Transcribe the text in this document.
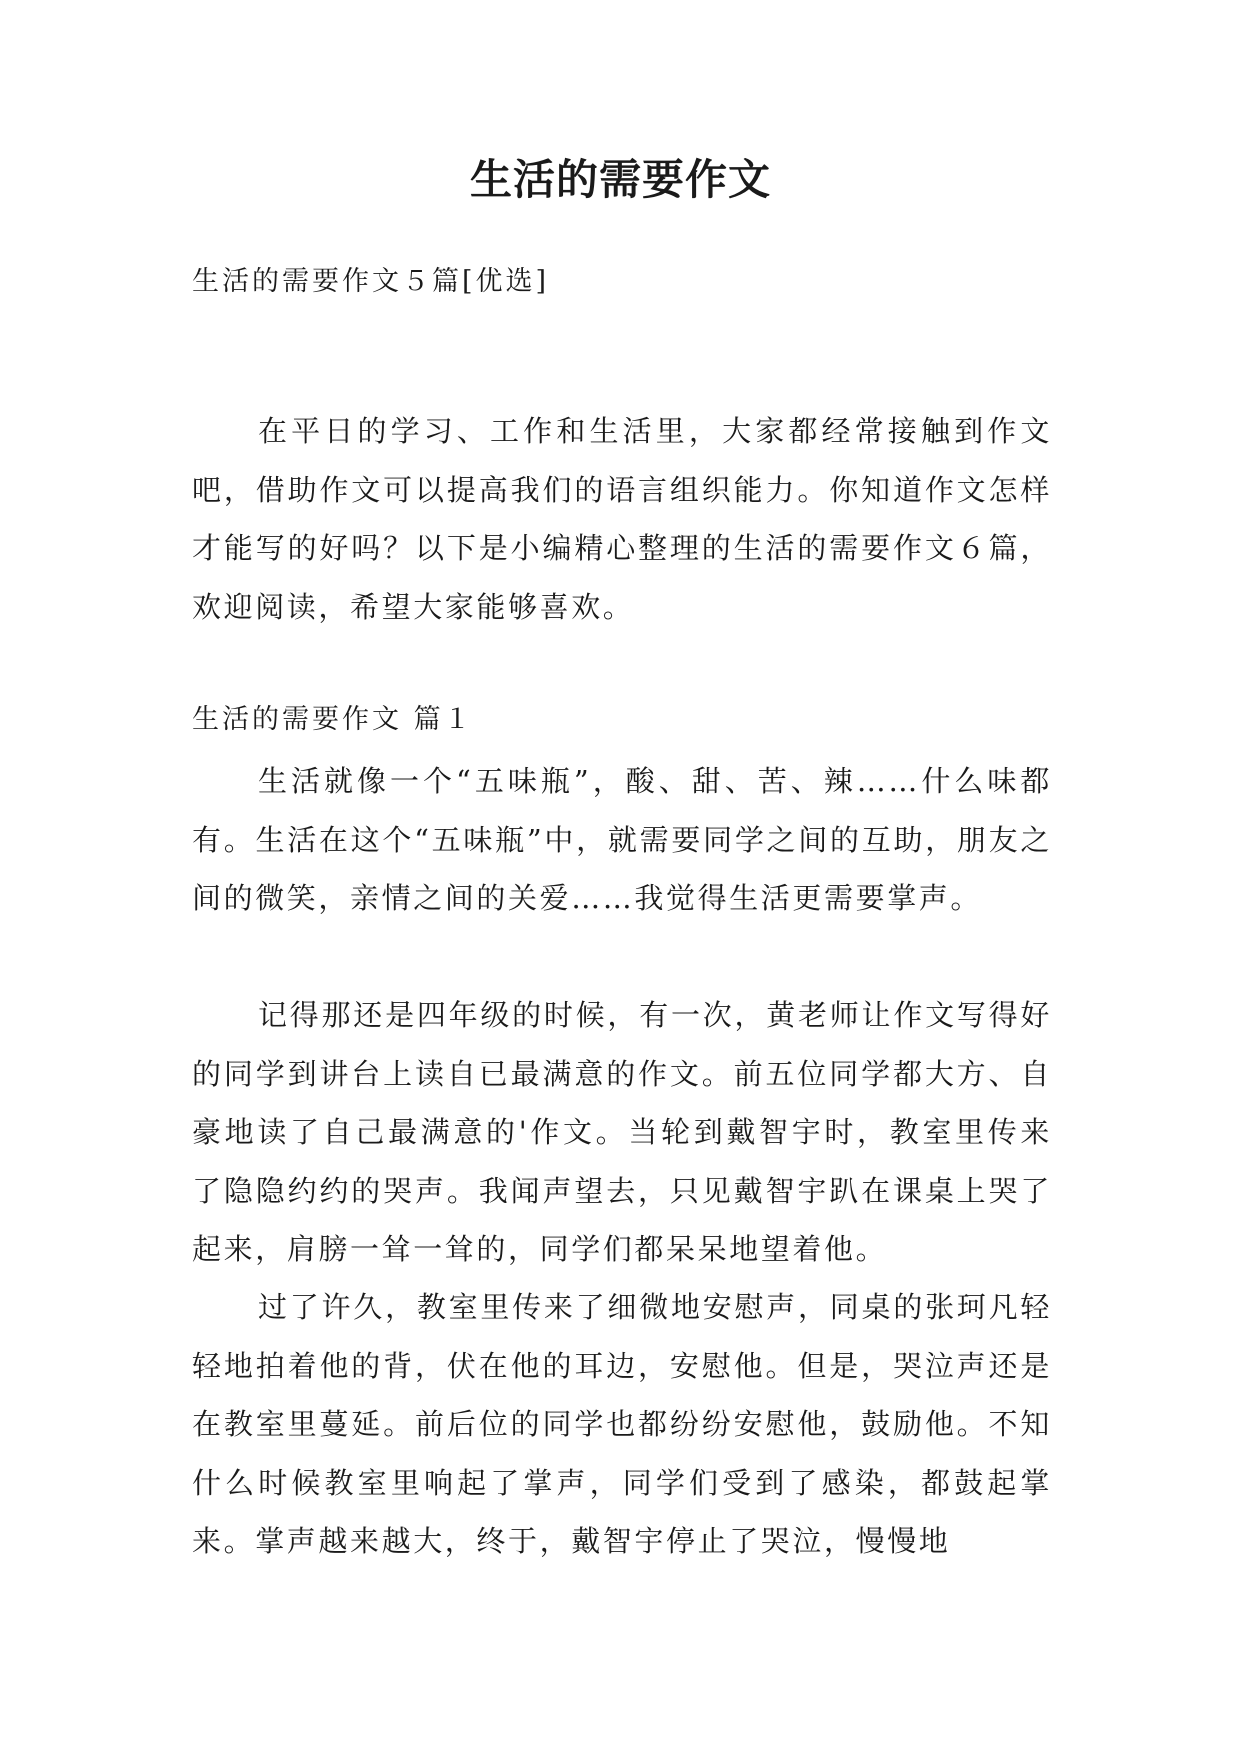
生活的需要作文
生活的需要作文５篇[优选]

在平日的学习、工作和生活里，大家都经常接触到作文吧，借助作文可以提高我们的语言组织能力。你知道作文怎样才能写的好吗？以下是小编精心整理的生活的需要作文６篇，欢迎阅读，希望大家能够喜欢。

生活的需要作文 篇１

生活就像一个“五味瓶”，酸、甜、苦、辣……什么味都有。生活在这个“五味瓶”中，就需要同学之间的互助，朋友之间的微笑，亲情之间的关爱……我觉得生活更需要掌声。

记得那还是四年级的时候，有一次，黄老师让作文写得好的同学到讲台上读自已最满意的作文。前五位同学都大方、自豪地读了自己最满意的'作文。当轮到戴智宇时，教室里传来了隐隐约约的哭声。我闻声望去，只见戴智宇趴在课桌上哭了起来，肩膀一耸一耸的，同学们都呆呆地望着他。

过了许久，教室里传来了细微地安慰声，同桌的张珂凡轻轻地拍着他的背，伏在他的耳边，安慰他。但是，哭泣声还是在教室里蔓延。前后位的同学也都纷纷安慰他，鼓励他。不知什么时候教室里响起了掌声，同学们受到了感染，都鼓起掌来。掌声越来越大，终于，戴智宇停止了哭泣，慢慢地
